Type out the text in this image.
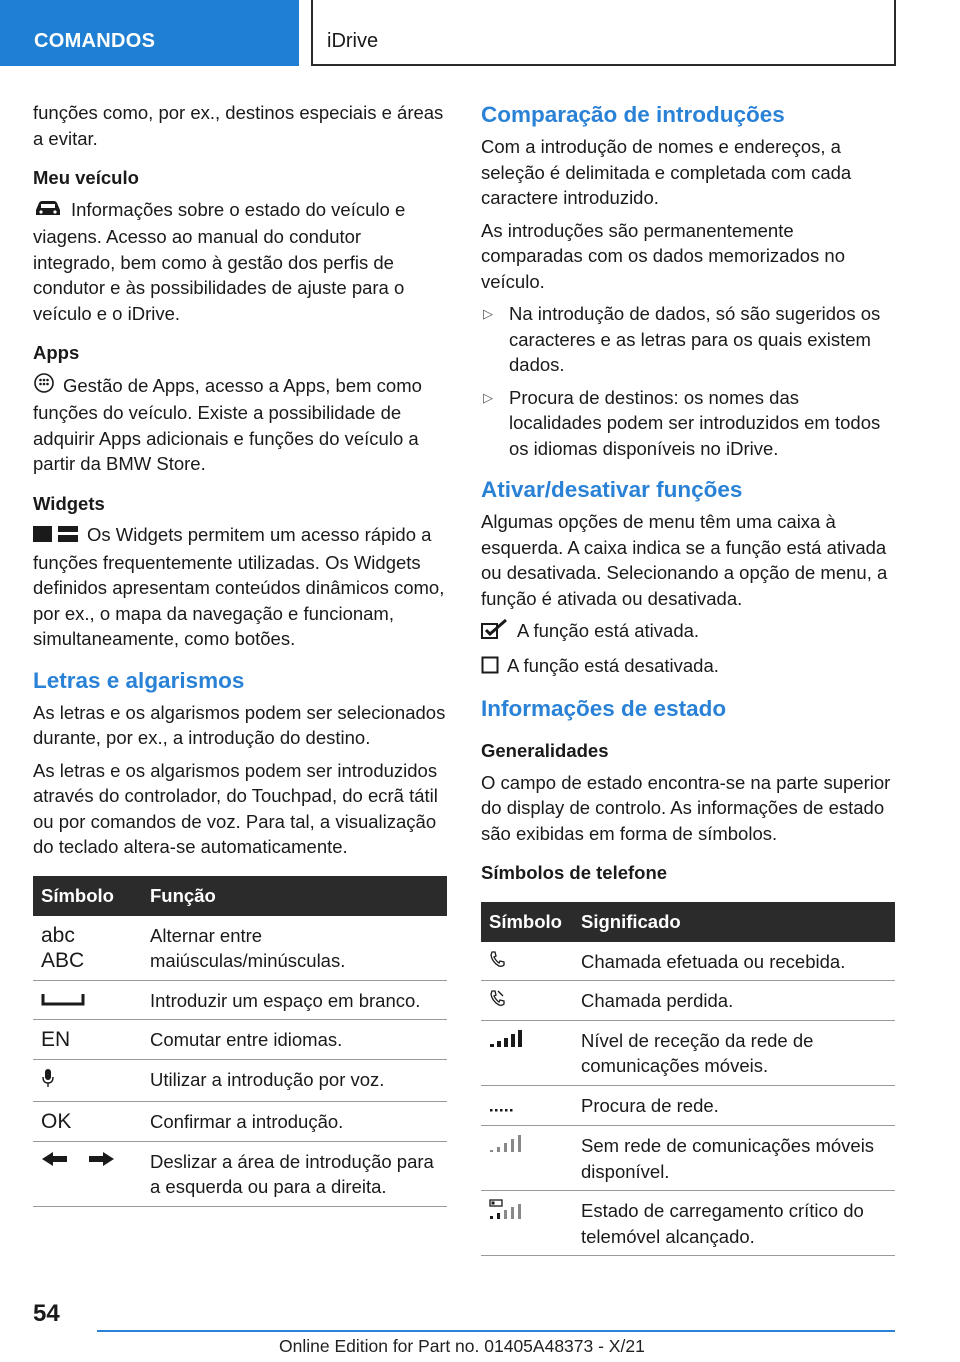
COMANDOS	iDrive

funções como, por ex., destinos especiais e áreas a evitar.

Meu veículo

Informações sobre o estado do veículo e viagens. Acesso ao manual do condutor integrado, bem como à gestão dos perfis de condutor e às possibilidades de ajuste para o veículo e o iDrive.

Apps

Gestão de Apps, acesso a Apps, bem como funções do veículo. Existe a possibilidade de adquirir Apps adicionais e funções do veículo a partir da BMW Store.

Widgets

Os Widgets permitem um acesso rápido a funções frequentemente utilizadas. Os Widgets definidos apresentam conteúdos dinâmicos como, por ex., o mapa da navegação e funcionam, simultaneamente, como botões.

Letras e algarismos

As letras e os algarismos podem ser selecionados durante, por ex., a introdução do destino.

As letras e os algarismos podem ser introduzidos através do controlador, do Touchpad, do ecrã tátil ou por comandos de voz. Para tal, a visualização do teclado altera-se automaticamente.

Símbolo	Função

abc
ABC	Alternar entre maiúsculas/minúsculas.
	Introduzir um espaço em branco.
EN	Comutar entre idiomas.
	Utilizar a introdução por voz.
OK	Confirmar a introdução.
	Deslizar a área de introdução para a esquerda ou para a direita.
Comparação de introduções

Com a introdução de nomes e endereços, a seleção é delimitada e completada com cada caractere introduzido.

As introduções são permanentemente comparadas com os dados memorizados no veículo.

▷ Na introdução de dados, só são sugeridos os caracteres e as letras para os quais existem dados.
▷ Procura de destinos: os nomes das localidades podem ser introduzidos em todos os idiomas disponíveis no iDrive.
Ativar/desativar funções

Algumas opções de menu têm uma caixa à esquerda. A caixa indica se a função está ativada ou desativada. Selecionando a opção de menu, a função é ativada ou desativada.

A função está ativada.

A função está desativada.

Informações de estado
Generalidades

O campo de estado encontra-se na parte superior do display de controlo. As informações de estado são exibidas em forma de símbolos.

Símbolos de telefone
Símbolo	Significado
	Chamada efetuada ou recebida.
	Chamada perdida.
	Nível de receção da rede de comunicações móveis.
	Procura de rede.
	Sem rede de comunicações móveis disponível.
	Estado de carregamento crítico do telemóvel alcançado.
54
Online Edition for Part no. 01405A48373 - X/21
